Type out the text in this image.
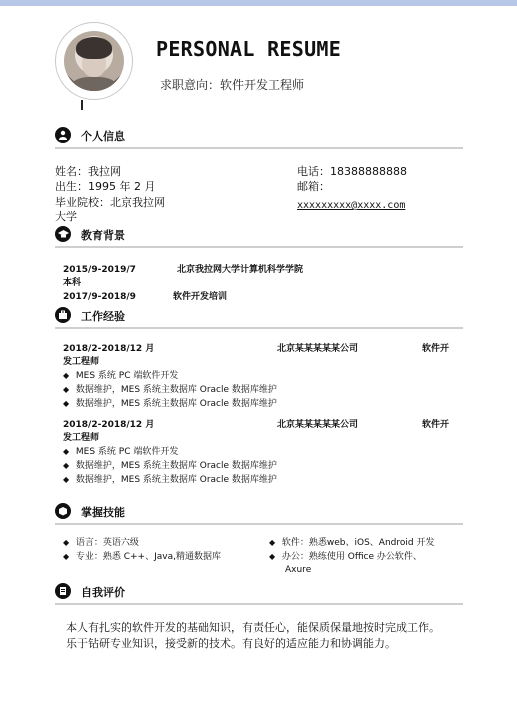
PERSONAL RESUME
求职意向：软件开发工程师
个人信息
姓名：我拉网
出生：1995 年 2 月
毕业院校：北京我拉网
大学
电话：18388888888
邮箱：
xxxxxxxxx@xxxx.com
教育背景
2015/9-2019/7	北京我拉网大学计算机科学学院
本科
2017/9-2018/9	软件开发培训
工作经验
2018/2-2018/12 月	北京某某某某某公司	软件开
发工程师
◆ MES 系统 PC 端软件开发
◆ 数据维护，MES 系统主数据库 Oracle 数据库维护
◆ 数据维护，MES 系统主数据库 Oracle 数据库维护
2018/2-2018/12 月	北京某某某某某公司	软件开
发工程师
◆ MES 系统 PC 端软件开发
◆ 数据维护，MES 系统主数据库 Oracle 数据库维护
◆ 数据维护，MES 系统主数据库 Oracle 数据库维护
掌握技能
◆ 语言：英语六级
◆ 专业：熟悉 C++、Java,精通数据库
◆ 软件：熟悉web、iOS、Android 开发
◆ 办公：熟练使用 Office 办公软件、
Axure
自我评价
本人有扎实的软件开发的基础知识，有责任心，能保质保量地按时完成工作。
乐于钻研专业知识，接受新的技术。有良好的适应能力和协调能力。
